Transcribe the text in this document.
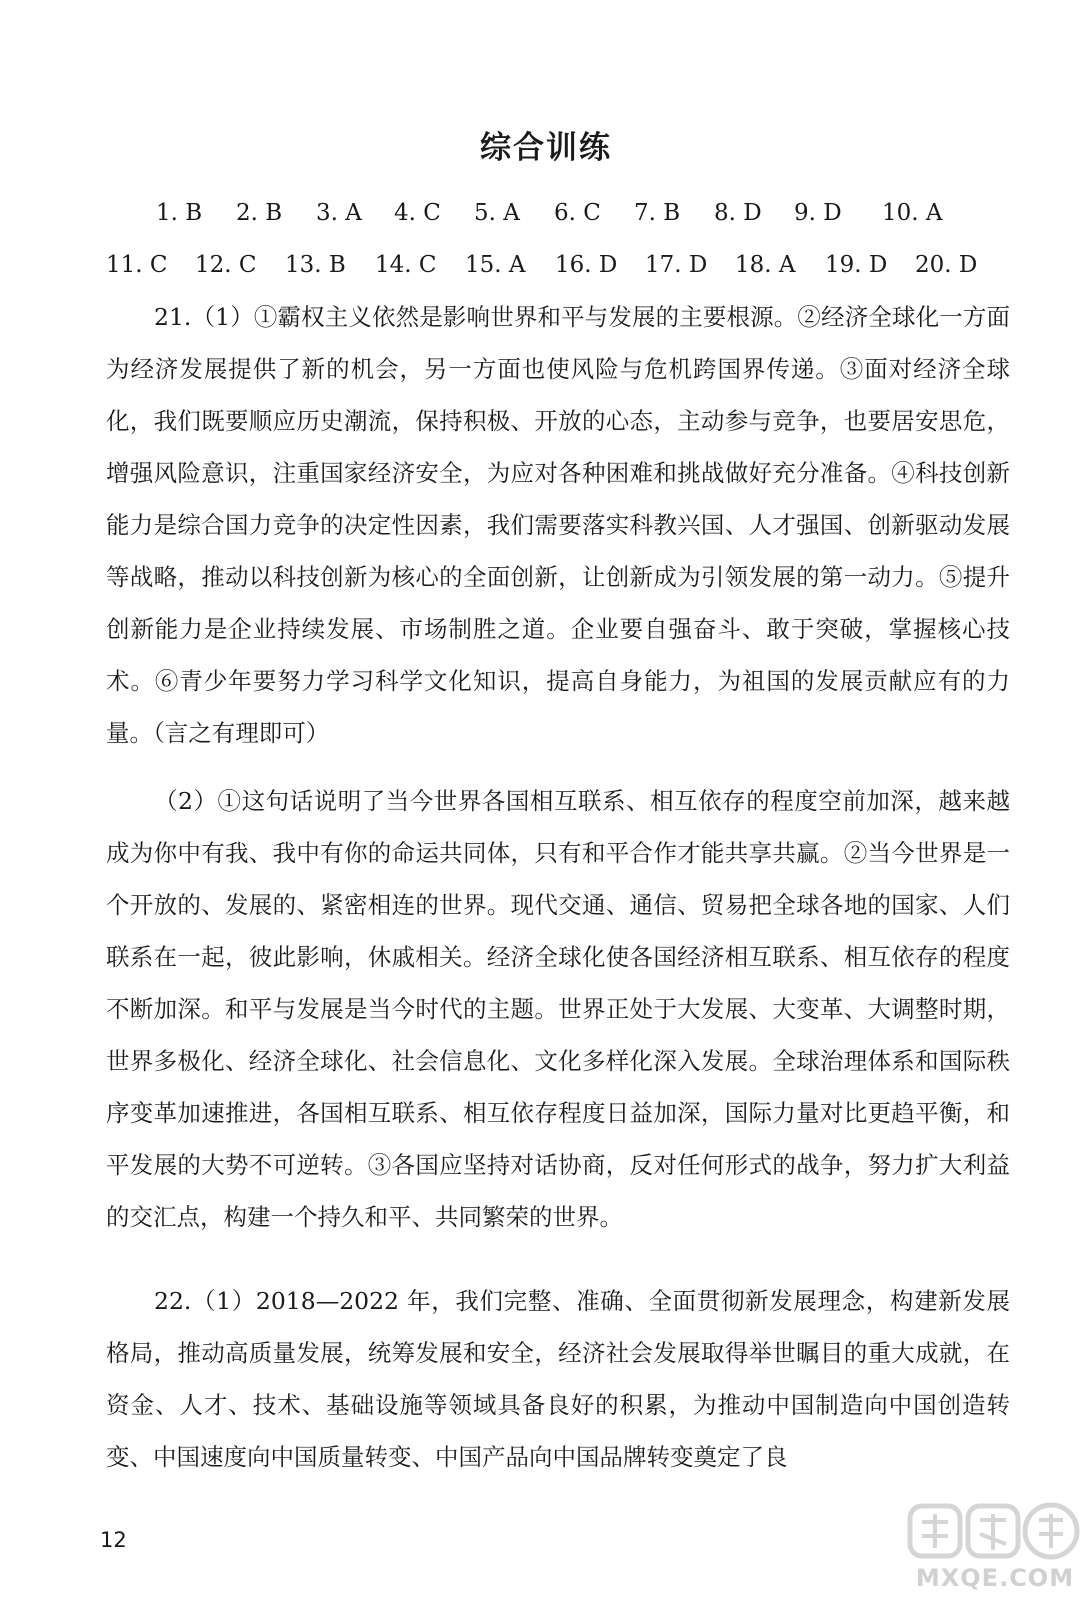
综合训练
1. B 2. B 3. A 4. C 5. A 6. C 7. B 8. D 9. D 10. A
11. C 12. C 13. B 14. C 15. A 16. D 17. D 18. A 19. D 20. D

21.（1）①霸权主义依然是影响世界和平与发展的主要根源。②经济全球化一方面为经济发展提供了新的机会，另一方面也使风险与危机跨国界传递。③面对经济全球化，我们既要顺应历史潮流，保持积极、开放的心态，主动参与竞争，也要居安思危，增强风险意识，注重国家经济安全，为应对各种困难和挑战做好充分准备。④科技创新能力是综合国力竞争的决定性因素，我们需要落实科教兴国、人才强国、创新驱动发展等战略，推动以科技创新为核心的全面创新，让创新成为引领发展的第一动力。⑤提升创新能力是企业持续发展、市场制胜之道。企业要自强奋斗、敢于突破，掌握核心技术。⑥青少年要努力学习科学文化知识，提高自身能力，为祖国的发展贡献应有的力量。（言之有理即可）

（2）①这句话说明了当今世界各国相互联系、相互依存的程度空前加深，越来越成为你中有我、我中有你的命运共同体，只有和平合作才能共享共赢。②当今世界是一个开放的、发展的、紧密相连的世界。现代交通、通信、贸易把全球各地的国家、人们联系在一起，彼此影响，休戚相关。经济全球化使各国经济相互联系、相互依存的程度不断加深。和平与发展是当今时代的主题。世界正处于大发展、大变革、大调整时期，世界多极化、经济全球化、社会信息化、文化多样化深入发展。全球治理体系和国际秩序变革加速推进，各国相互联系、相互依存程度日益加深，国际力量对比更趋平衡，和平发展的大势不可逆转。③各国应坚持对话协商，反对任何形式的战争，努力扩大利益的交汇点，构建一个持久和平、共同繁荣的世界。

22.（1）2018—2022 年，我们完整、准确、全面贯彻新发展理念，构建新发展格局，推动高质量发展，统筹发展和安全，经济社会发展取得举世瞩目的重大成就，在资金、人才、技术、基础设施等领域具备良好的积累，为推动中国制造向中国创造转变、中国速度向中国质量转变、中国产品向中国品牌转变奠定了良

12
MXQE.COM
